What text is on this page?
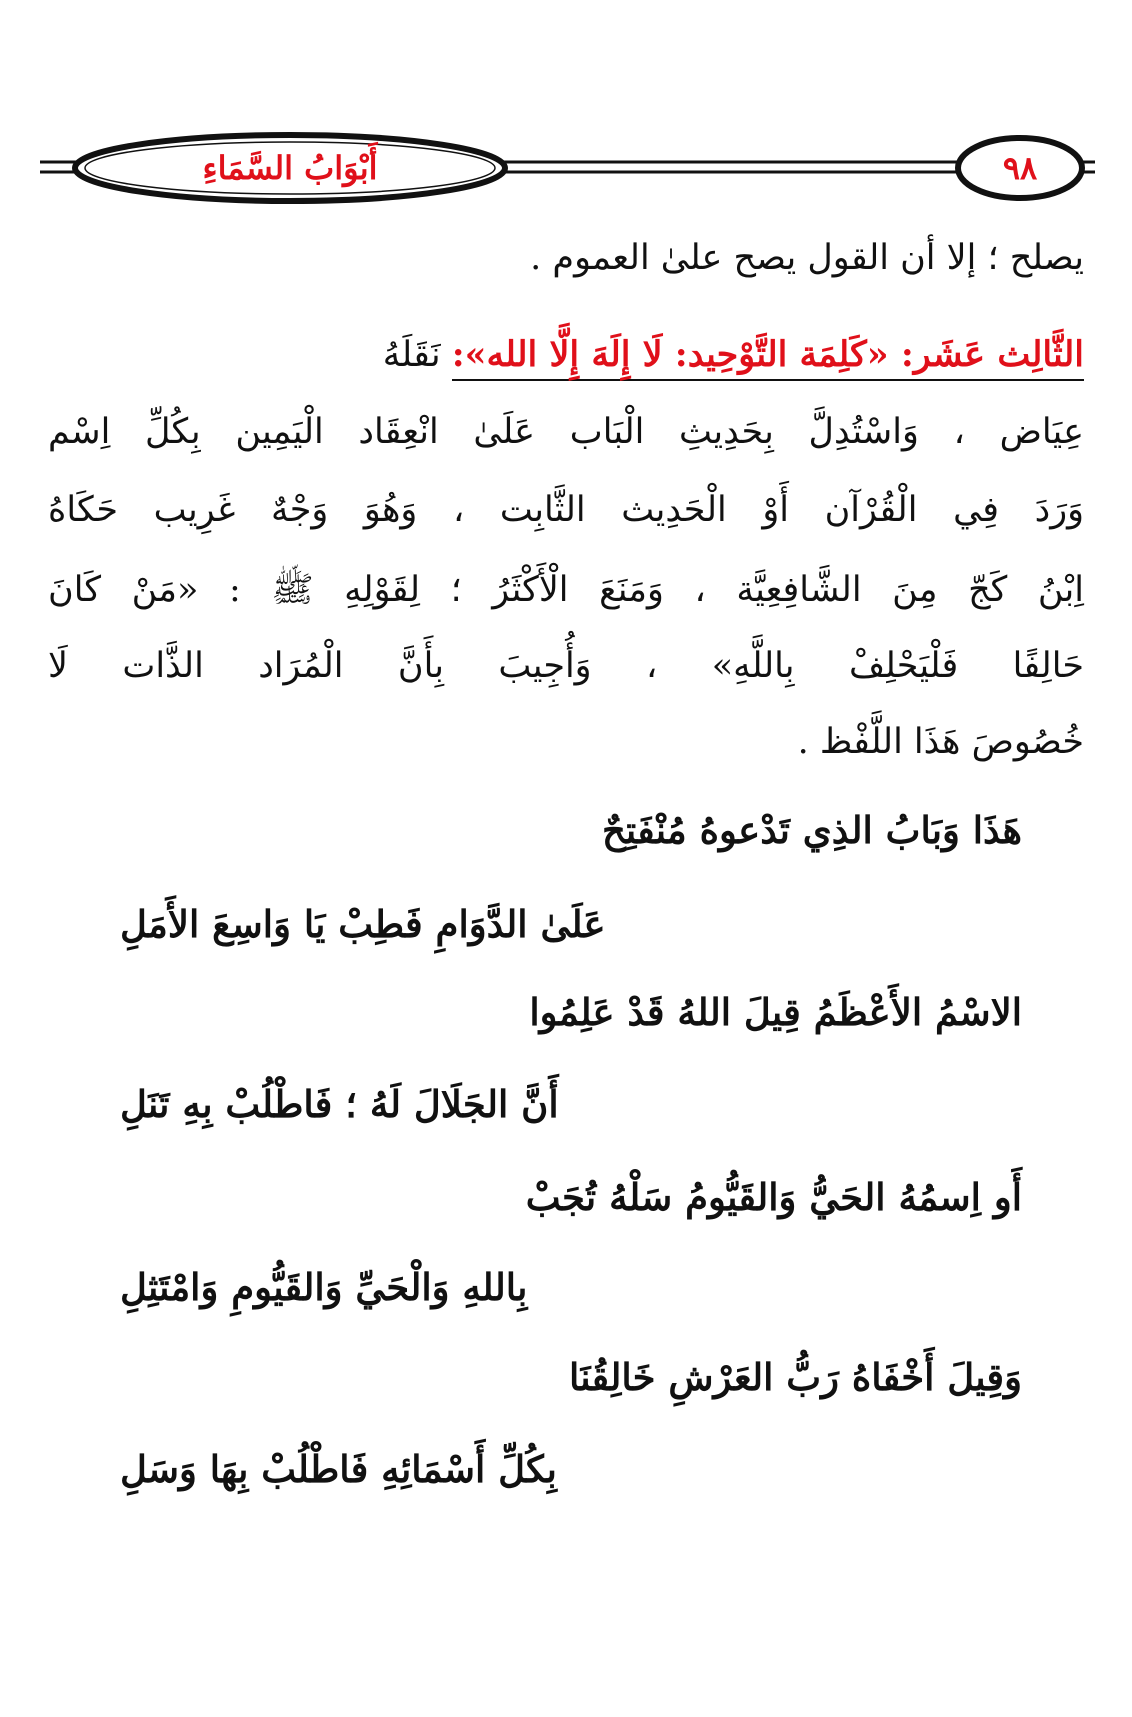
أَبْوَابُ السَّمَاءِ	٩٨
يصلح ؛ إلا أن القول يصح علىٰ العموم .
الثَّالِث عَشَر: «كَلِمَة التَّوْحِيد: لَا إِلَهَ إِلَّا الله»: نَقَلَهُ
عِيَاض ، وَاسْتُدِلَّ بِحَدِيثِ الْبَاب عَلَىٰ انْعِقَاد الْيَمِين بِكُلِّ اِسْم
وَرَدَ فِي الْقُرْآن أَوْ الْحَدِيث الثَّابِت ، وَهُوَ وَجْهٌ غَرِيب حَكَاهُ
اِبْنُ كَجّ مِنَ الشَّافِعِيَّة ، وَمَنَعَ الْأَكْثَرُ ؛ لِقَوْلِهِ ﷺ : «مَنْ كَانَ
حَالِفًا فَلْيَحْلِفْ بِاللَّهِ» ، وَأُجِيبَ بِأَنَّ الْمُرَاد الذَّات لَا
خُصُوصَ هَذَا اللَّفْظ .
هَذَا وَبَابُ الذِي تَدْعوهُ مُنْفَتِحٌ
عَلَىٰ الدَّوَامِ فَطِبْ يَا وَاسِعَ الأَمَلِ
الاسْمُ الأَعْظَمُ قِيلَ اللهُ قَدْ عَلِمُوا
أَنَّ الجَلَالَ لَهُ ؛ فَاطْلُبْ بِهِ تَنَلِ
أَو اِسمُهُ الحَيُّ وَالقَيُّومُ سَلْهُ تُجَبْ
بِاللهِ وَالْحَيِّ وَالقَيُّومِ وَامْتَثِلِ
وَقِيلَ أَخْفَاهُ رَبُّ العَرْشِ خَالِقُنَا
بِكُلِّ أَسْمَائِهِ فَاطْلُبْ بِهَا وَسَلِ
